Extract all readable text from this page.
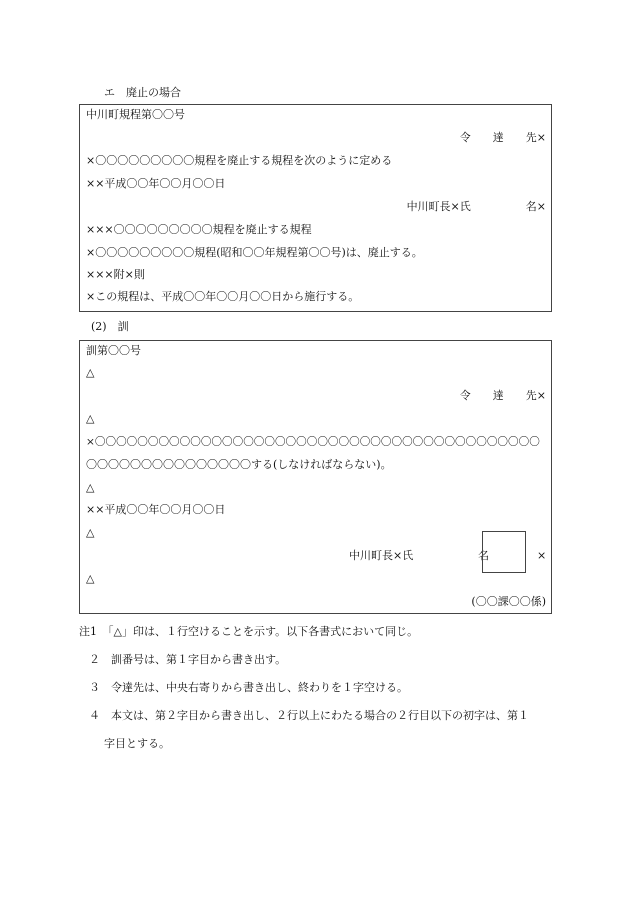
エ　廃止の場合
中川町規程第〇〇号
令　　達　　先×
×〇〇〇〇〇〇〇〇〇規程を廃止する規程を次のように定める
××平成〇〇年〇〇月〇〇日
中川町長×氏　　　　　名×
×××〇〇〇〇〇〇〇〇〇規程を廃止する規程
×〇〇〇〇〇〇〇〇〇規程(昭和〇〇年規程第〇〇号)は、廃止する。
×××附×則
×この規程は、平成〇〇年〇〇月〇〇日から施行する。
(2)　訓
訓第〇〇号
△
令　　達　　先×
△
×〇〇〇〇〇〇〇〇〇〇〇〇〇〇〇〇〇〇〇〇〇〇〇〇〇〇〇〇〇〇〇〇〇〇〇〇〇〇〇〇〇〇
〇〇〇〇〇〇〇〇〇〇〇〇〇〇〇する(しなければならない)。
△
××平成〇〇年〇〇月〇〇日
△
中川町長×氏	名	×
△
(〇〇課〇〇係)
注1　「△」印は、１行空けることを示す。以下各書式において同じ。
２　訓番号は、第１字目から書き出す。
３　令達先は、中央右寄りから書き出し、終わりを１字空ける。
４　本文は、第２字目から書き出し、２行以上にわたる場合の２行目以下の初字は、第１
字目とする。
